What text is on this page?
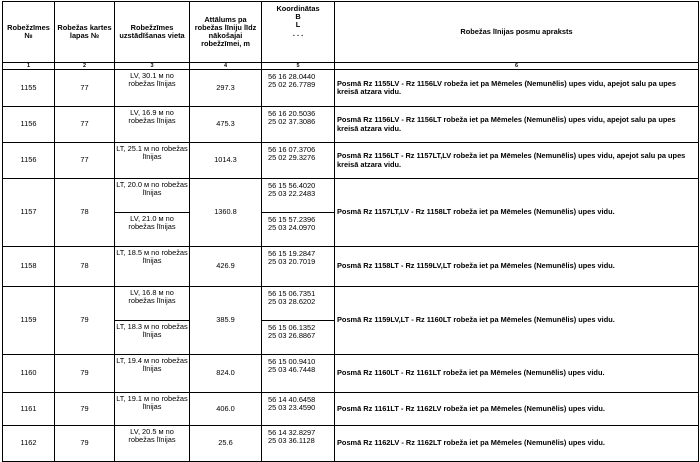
Robežzīmes №	Robežas kartes lapas №	Robežzīmes uzstādīšanas vieta	Attālums pa robežas līniju līdz nākošajai robežzīmei, m	Koordinātas
B
L
. . .	Robežas līnijas posmu apraksts
1	2	3	4	5	6
1155	77	LV, 30.1 м no robežas līnijas	297.3	56 16 28.0440
25 02 26.7789	Posmā Rz 1155LV - Rz 1156LV robeža iet pa Mēmeles (Nemunēlis) upes vidu, apejot salu pa upes kreisā atzara vidu.
1156	77	LV, 16.9 м no robežas līnijas	475.3	56 16 20.5036
25 02 37.3086	Posmā Rz 1156LV - Rz 1156LT robeža iet pa Mēmeles (Nemunēlis) upes vidu, apejot salu pa upes kreisā atzara vidu.
1156	77	LT, 25.1 м no robežas līnijas	1014.3	56 16 07.3706
25 02 29.3276	Posmā Rz 1156LT - Rz 1157LT,LV robeža iet pa Mēmeles (Nemunēlis) upes vidu, apejot salu pa upes kreisā atzara vidu.
1157	78	LT, 20.0 м no robežas līnijas	1360.8	56 15 56.4020
25 03 22.2483	Posmā Rz 1157LT,LV - Rz 1158LT robeža iet pa Mēmeles (Nemunēlis) upes vidu.
		LV, 21.0 м no robežas līnijas		56 15 57.2396
25 03 24.0970	
1158	78	LT, 18.5 м no robežas līnijas	426.9	56 15 19.2847
25 03 20.7019	Posmā Rz 1158LT - Rz 1159LV,LT robeža iet pa Mēmeles (Nemunēlis) upes vidu.
1159	79	LV, 16.8 м no robežas līnijas	385.9	56 15 06.7351
25 03 28.6202	Posmā Rz 1159LV,LT - Rz 1160LT robeža iet pa Mēmeles (Nemunēlis) upes vidu.
		LT, 18.3 м no robežas līnijas		56 15 06.1352
25 03 26.8867	
1160	79	LT, 19.4 м no robežas līnijas	824.0	56 15 00.9410
25 03 46.7448	Posmā Rz 1160LT - Rz 1161LT robeža iet pa Mēmeles (Nemunēlis) upes vidu.
1161	79	LT, 19.1 м no robežas līnijas	406.0	56 14 40.6458
25 03 23.4590	Posmā Rz 1161LT - Rz 1162LV robeža iet pa Mēmeles (Nemunēlis) upes vidu.
1162	79	LV, 20.5 м no robežas līnijas	25.6	56 14 32.8297
25 03 36.1128	Posmā Rz 1162LV - Rz 1162LT robeža iet pa Mēmeles (Nemunēlis) upes vidu.
